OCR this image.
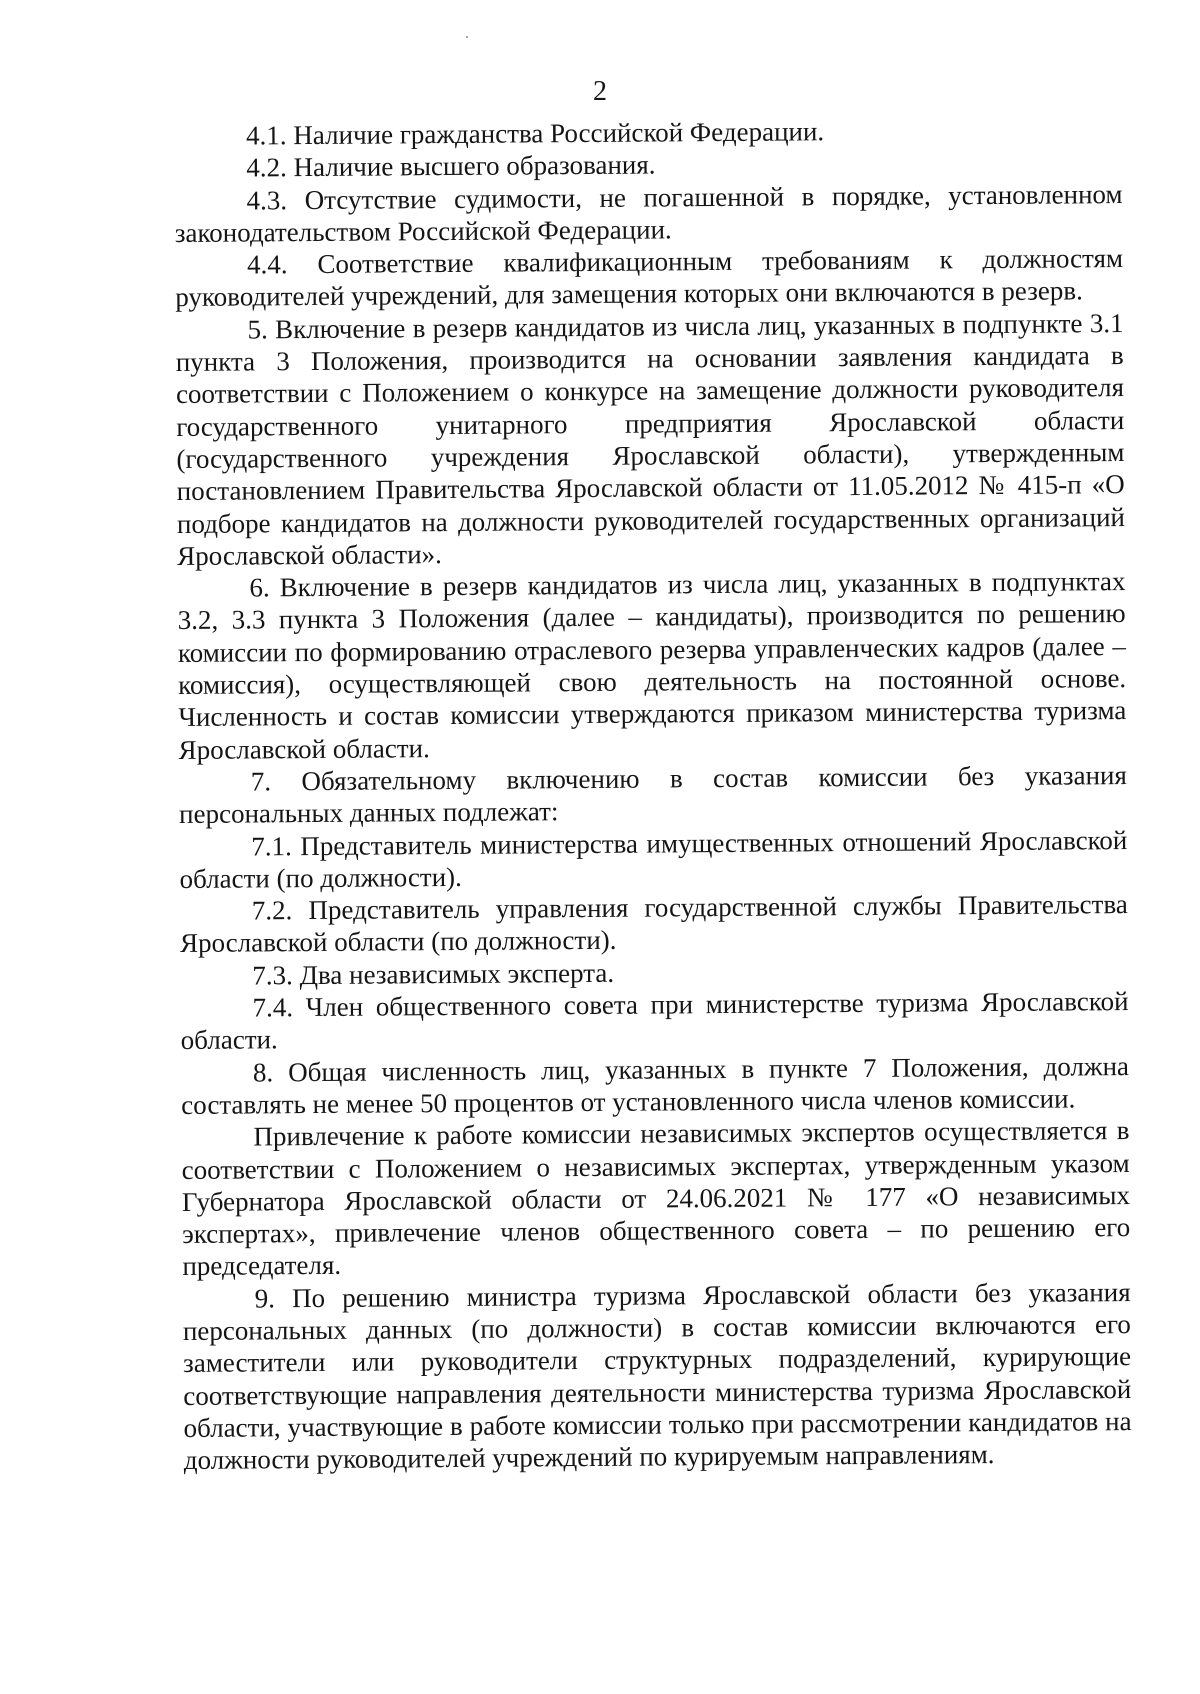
2

4.1. Наличие гражданства Российской Федерации.

4.2. Наличие высшего образования.

4.3. Отсутствие судимости, не погашенной в порядке, установленном законодательством Российской Федерации.

4.4. Соответствие квалификационным требованиям к должностям руководителей учреждений, для замещения которых они включаются в резерв.

5. Включение в резерв кандидатов из числа лиц, указанных в подпункте 3.1 пункта 3 Положения, производится на основании заявления кандидата в соответствии с Положением о конкурсе на замещение должности руководителя государственного унитарного предприятия Ярославской области (государственного учреждения Ярославской области), утвержденным постановлением Правительства Ярославской области от 11.05.2012 № 415-п «О подборе кандидатов на должности руководителей государственных организаций Ярославской области».

6. Включение в резерв кандидатов из числа лиц, указанных в подпунктах 3.2, 3.3 пункта 3 Положения (далее – кандидаты), производится по решению комиссии по формированию отраслевого резерва управленческих кадров (далее – комиссия), осуществляющей свою деятельность на постоянной основе. Численность и состав комиссии утверждаются приказом министерства туризма Ярославской области.

7. Обязательному включению в состав комиссии без указания персональных данных подлежат:

7.1. Представитель министерства имущественных отношений Ярославской области (по должности).

7.2. Представитель управления государственной службы Правительства Ярославской области (по должности).

7.3. Два независимых эксперта.

7.4. Член общественного совета при министерстве туризма Ярославской области.

8. Общая численность лиц, указанных в пункте 7 Положения, должна составлять не менее 50 процентов от установленного числа членов комиссии.

Привлечение к работе комиссии независимых экспертов осуществляется в соответствии с Положением о независимых экспертах, утвержденным указом Губернатора Ярославской области от 24.06.2021 № 177 «О независимых экспертах», привлечение членов общественного совета – по решению его председателя.

9. По решению министра туризма Ярославской области без указания персональных данных (по должности) в состав комиссии включаются его заместители или руководители структурных подразделений, курирующие соответствующие направления деятельности министерства туризма Ярославской области, участвующие в работе комиссии только при рассмотрении кандидатов на должности руководителей учреждений по курируемым направлениям.
